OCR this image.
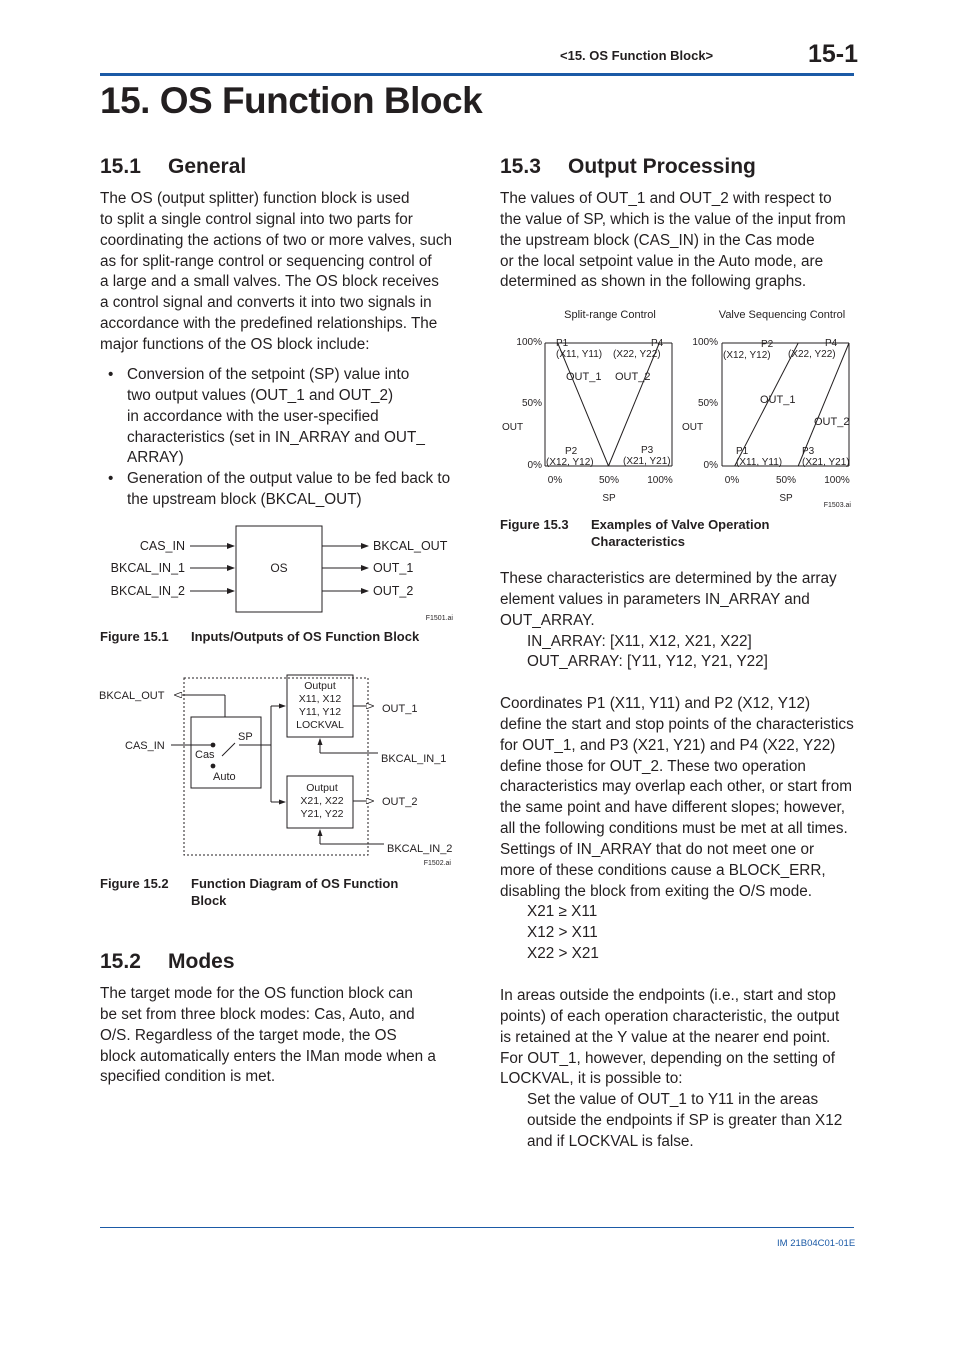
<15. OS Function Block>	15-1
15. OS Function Block
15.1 General
The OS (output splitter) function block is used
to split a single control signal into two parts for
coordinating the actions of two or more valves, such
as for split-range control or sequencing control of
a large and a small valves. The OS block receives
a control signal and converts it into two signals in
accordance with the predefined relationships. The
major functions of the OS block include:
• Conversion of the setpoint (SP) value into
two output values (OUT_1 and OUT_2)
in accordance with the user-specified
characteristics (set in IN_ARRAY and OUT_
ARRAY)
• Generation of the output value to be fed back to
the upstream block (BKCAL_OUT)
OS
CAS_IN
BKCAL_IN_1
BKCAL_IN_2
BKCAL_OUT
OUT_1
OUT_2
F1501.ai
Figure 15.1 Inputs/Outputs of OS Function Block
BKCAL_OUT
CAS_IN
Cas
Auto
SP
Output
X11, X12
Y11, Y12
LOCKVAL
Output
X21, X22
Y21, Y22
OUT_1
OUT_2
BKCAL_IN_1
BKCAL_IN_2
F1502.ai
Figure 15.2 Function Diagram of OS Function
Block
15.2 Modes
The target mode for the OS function block can
be set from three block modes: Cas, Auto, and
O/S. Regardless of the target mode, the OS
block automatically enters the IMan mode when a
specified condition is met.
15.3 Output Processing
The values of OUT_1 and OUT_2 with respect to
the value of SP, which is the value of the input from
the upstream block (CAS_IN) in the Cas mode
or the local setpoint value in the Auto mode, are
determined as shown in the following graphs.
Split-range Control
100%
50%
0%
OUT
0%	50%	100%
SP
OUT_1 OUT_2
P1
(X11, Y11)
P4
(X22, Y22)
P2
(X12, Y12)
P3
(X21, Y21)
Valve Sequencing Control
100%
50%
0%
OUT
0%	50%	100%
SP
OUT_1
OUT_2
P2
(X12, Y12)
P4
(X22, Y22)
P1
(X11, Y11)
P3
(X21, Y21)
F1503.ai
Figure 15.3 Examples of Valve Operation
Characteristics
These characteristics are determined by the array
element values in parameters IN_ARRAY and
OUT_ARRAY.
IN_ARRAY: [X11, X12, X21, X22]
OUT_ARRAY: [Y11, Y12, Y21, Y22]
Coordinates P1 (X11, Y11) and P2 (X12, Y12)
define the start and stop points of the characteristics
for OUT_1, and P3 (X21, Y21) and P4 (X22, Y22)
define those for OUT_2. These two operation
characteristics may overlap each other, or start from
the same point and have different slopes; however,
all the following conditions must be met at all times.
Settings of IN_ARRAY that do not meet one or
more of these conditions cause a BLOCK_ERR,
disabling the block from exiting the O/S mode.
X21 ≥ X11
X12 > X11
X22 > X21
In areas outside the endpoints (i.e., start and stop
points) of each operation characteristic, the output
is retained at the Y value at the nearer end point.
For OUT_1, however, depending on the setting of
LOCKVAL, it is possible to:
Set the value of OUT_1 to Y11 in the areas
outside the endpoints if SP is greater than X12
and if LOCKVAL is false.
IM 21B04C01-01E
